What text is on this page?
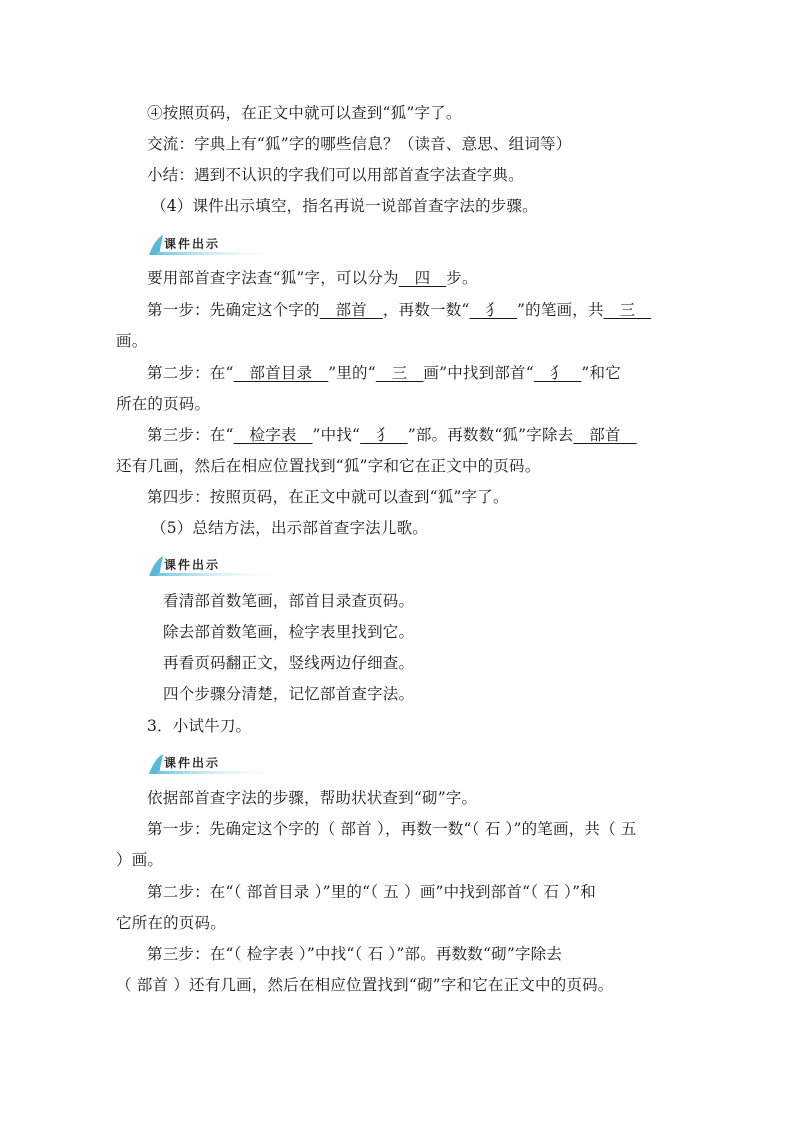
④按照页码，在正文中就可以查到“狐”字了。
交流：字典上有“狐”字的哪些信息？（读音、意思、组词等）
小结：遇到不认识的字我们可以用部首查字法查字典。
（4）课件出示填空，指名再说一说部首查字法的步骤。
课件出示
要用部首查字法查“狐”字，可以分为__四__步。
第一步：先确定这个字的__部首__，再数一数“__犭__”的笔画，共__三__
画。
第二步：在“__部首目录__”里的“__三__画”中找到部首“__犭__”和它
所在的页码。
第三步：在“__检字表__”中找“__犭__”部。再数数“狐”字除去__部首__
还有几画，然后在相应位置找到“狐”字和它在正文中的页码。
第四步：按照页码，在正文中就可以查到“狐”字了。
（5）总结方法，出示部首查字法儿歌。
课件出示
看清部首数笔画，部首目录查页码。
除去部首数笔画，检字表里找到它。
再看页码翻正文，竖线两边仔细查。
四个步骤分清楚，记忆部首查字法。
3．小试牛刀。
课件出示
依据部首查字法的步骤，帮助状状查到“砌”字。
第一步：先确定这个字的（ 部首 ），再数一数“（ 石 ）”的笔画，共（ 五
）画。
第二步：在“（ 部首目录 ）”里的“（ 五 ）画”中找到部首“（ 石 ）”和
它所在的页码。
第三步：在“（ 检字表 ）”中找“（ 石 ）”部。再数数“砌”字除去
（ 部首 ）还有几画，然后在相应位置找到“砌”字和它在正文中的页码。
